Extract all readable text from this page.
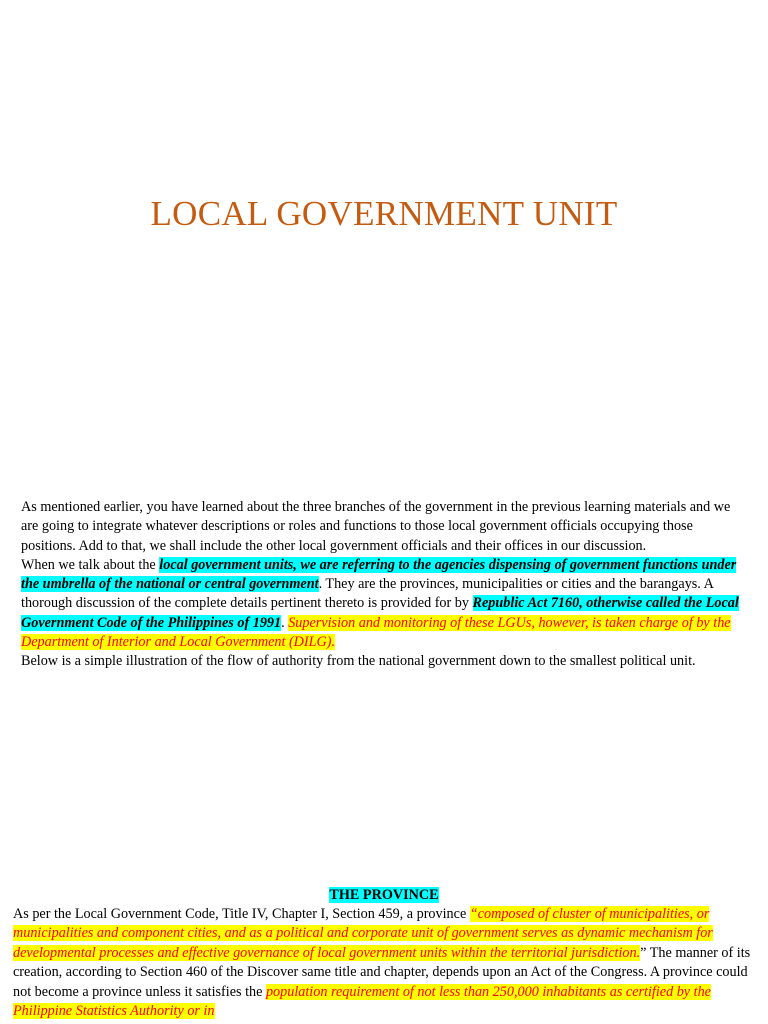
LOCAL GOVERNMENT UNIT

As mentioned earlier, you have learned about the three branches of the government in the previous learning materials and we are going to integrate whatever descriptions or roles and functions to those local government officials occupying those positions. Add to that, we shall include the other local government officials and their offices in our discussion.

When we talk about the local government units, we are referring to the agencies dispensing of government functions under the umbrella of the national or central government. They are the provinces, municipalities or cities and the barangays. A thorough discussion of the complete details pertinent thereto is provided for by Republic Act 7160, otherwise called the Local Government Code of the Philippines of 1991. Supervision and monitoring of these LGUs, however, is taken charge of by the Department of Interior and Local Government (DILG).

Below is a simple illustration of the flow of authority from the national government down to the smallest political unit.

THE PROVINCE

As per the Local Government Code, Title IV, Chapter I, Section 459, a province “composed of cluster of municipalities, or municipalities and component cities, and as a political and corporate unit of government serves as dynamic mechanism for developmental processes and effective governance of local government units within the territorial jurisdiction.” The manner of its creation, according to Section 460 of the Discover same title and chapter, depends upon an Act of the Congress. A province could not become a province unless it satisfies the population requirement of not less than 250,000 inhabitants as certified by the Philippine Statistics Authority or in
